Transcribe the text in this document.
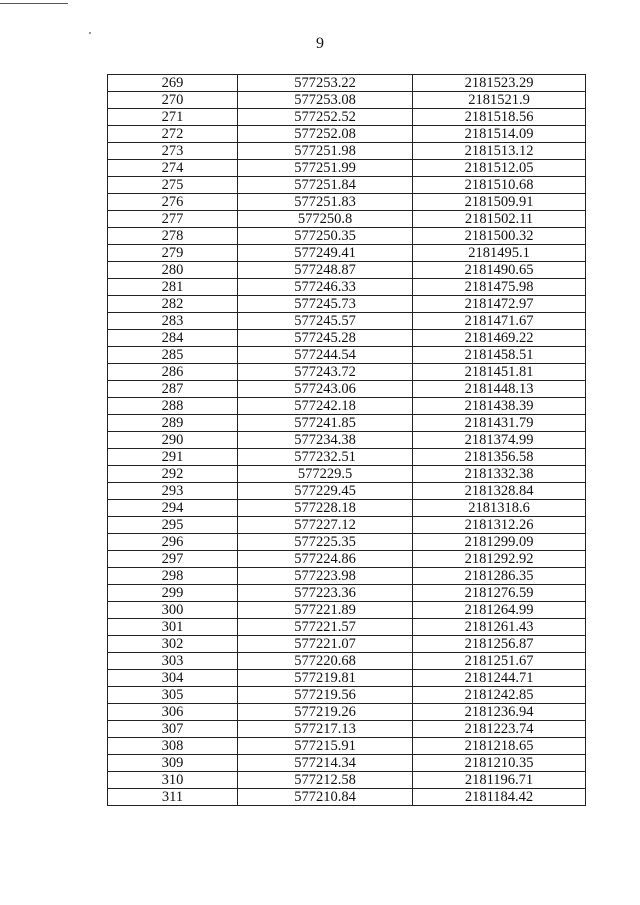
9
269	577253.22	2181523.29
270	577253.08	2181521.9
271	577252.52	2181518.56
272	577252.08	2181514.09
273	577251.98	2181513.12
274	577251.99	2181512.05
275	577251.84	2181510.68
276	577251.83	2181509.91
277	577250.8	2181502.11
278	577250.35	2181500.32
279	577249.41	2181495.1
280	577248.87	2181490.65
281	577246.33	2181475.98
282	577245.73	2181472.97
283	577245.57	2181471.67
284	577245.28	2181469.22
285	577244.54	2181458.51
286	577243.72	2181451.81
287	577243.06	2181448.13
288	577242.18	2181438.39
289	577241.85	2181431.79
290	577234.38	2181374.99
291	577232.51	2181356.58
292	577229.5	2181332.38
293	577229.45	2181328.84
294	577228.18	2181318.6
295	577227.12	2181312.26
296	577225.35	2181299.09
297	577224.86	2181292.92
298	577223.98	2181286.35
299	577223.36	2181276.59
300	577221.89	2181264.99
301	577221.57	2181261.43
302	577221.07	2181256.87
303	577220.68	2181251.67
304	577219.81	2181244.71
305	577219.56	2181242.85
306	577219.26	2181236.94
307	577217.13	2181223.74
308	577215.91	2181218.65
309	577214.34	2181210.35
310	577212.58	2181196.71
311	577210.84	2181184.42
